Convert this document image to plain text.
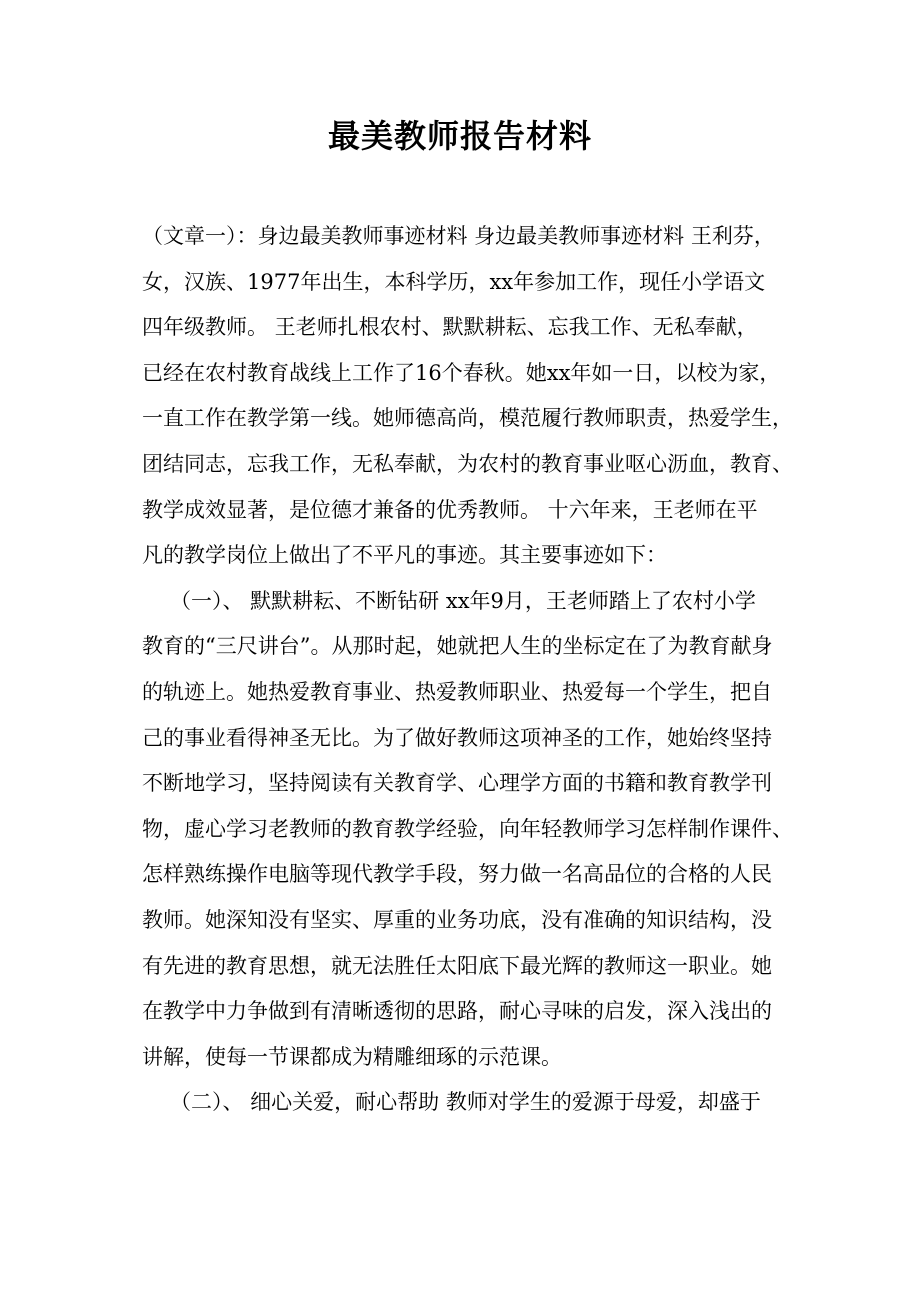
最美教师报告材料
（文章一）：身边最美教师事迹材料 身边最美教师事迹材料 王利芬，
女，汉族、1977年出生，本科学历，xx年参加工作，现任小学语文
四年级教师。 王老师扎根农村、默默耕耘、忘我工作、无私奉献，
已经在农村教育战线上工作了16个春秋。她xx年如一日，以校为家，
一直工作在教学第一线。她师德高尚，模范履行教师职责，热爱学生，
团结同志，忘我工作，无私奉献，为农村的教育事业呕心沥血，教育、
教学成效显著，是位德才兼备的优秀教师。 十六年来，王老师在平
凡的教学岗位上做出了不平凡的事迹。其主要事迹如下：
（一）、 默默耕耘、不断钻研 xx年9月，王老师踏上了农村小学
教育的“三尺讲台”。从那时起，她就把人生的坐标定在了为教育献身
的轨迹上。她热爱教育事业、热爱教师职业、热爱每一个学生，把自
己的事业看得神圣无比。为了做好教师这项神圣的工作，她始终坚持
不断地学习，坚持阅读有关教育学、心理学方面的书籍和教育教学刊
物，虚心学习老教师的教育教学经验，向年轻教师学习怎样制作课件、
怎样熟练操作电脑等现代教学手段，努力做一名高品位的合格的人民
教师。她深知没有坚实、厚重的业务功底，没有准确的知识结构，没
有先进的教育思想，就无法胜任太阳底下最光辉的教师这一职业。她
在教学中力争做到有清晰透彻的思路，耐心寻味的启发，深入浅出的
讲解，使每一节课都成为精雕细琢的示范课。
（二）、 细心关爱，耐心帮助 教师对学生的爱源于母爱，却盛于
